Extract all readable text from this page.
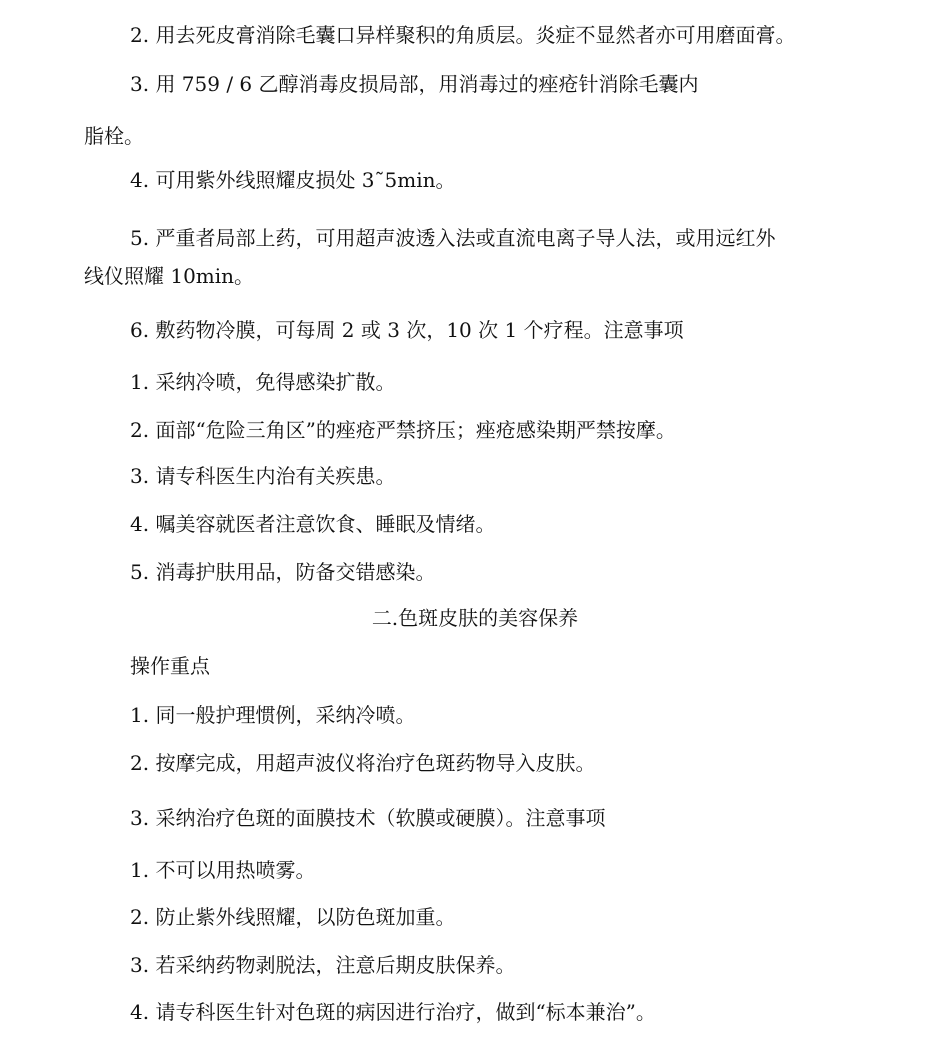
2. 用去死皮膏消除毛囊口异样聚积的角质层。炎症不显然者亦可用磨面膏。
3. 用 759 / 6 乙醇消毒皮损局部，用消毒过的痤疮针消除毛囊内
脂栓。
4. 可用紫外线照耀皮损处 3˜5min。
5. 严重者局部上药，可用超声波透入法或直流电离子导人法，或用远红外
线仪照耀 10min。
6. 敷药物冷膜，可每周 2 或 3 次，10 次 1 个疗程。注意事项
1. 采纳冷喷，免得感染扩散。
2. 面部“危险三角区”的痤疮严禁挤压；痤疮感染期严禁按摩。
3. 请专科医生内治有关疾患。
4. 嘱美容就医者注意饮食、睡眠及情绪。
5. 消毒护肤用品，防备交错感染。
二.色斑皮肤的美容保养
操作重点
1. 同一般护理惯例，采纳冷喷。
2. 按摩完成，用超声波仪将治疗色斑药物导入皮肤。
3. 采纳治疗色斑的面膜技术（软膜或硬膜）。注意事项
1. 不可以用热喷雾。
2. 防止紫外线照耀，以防色斑加重。
3. 若采纳药物剥脱法，注意后期皮肤保养。
4. 请专科医生针对色斑的病因进行治疗，做到“标本兼治”。
